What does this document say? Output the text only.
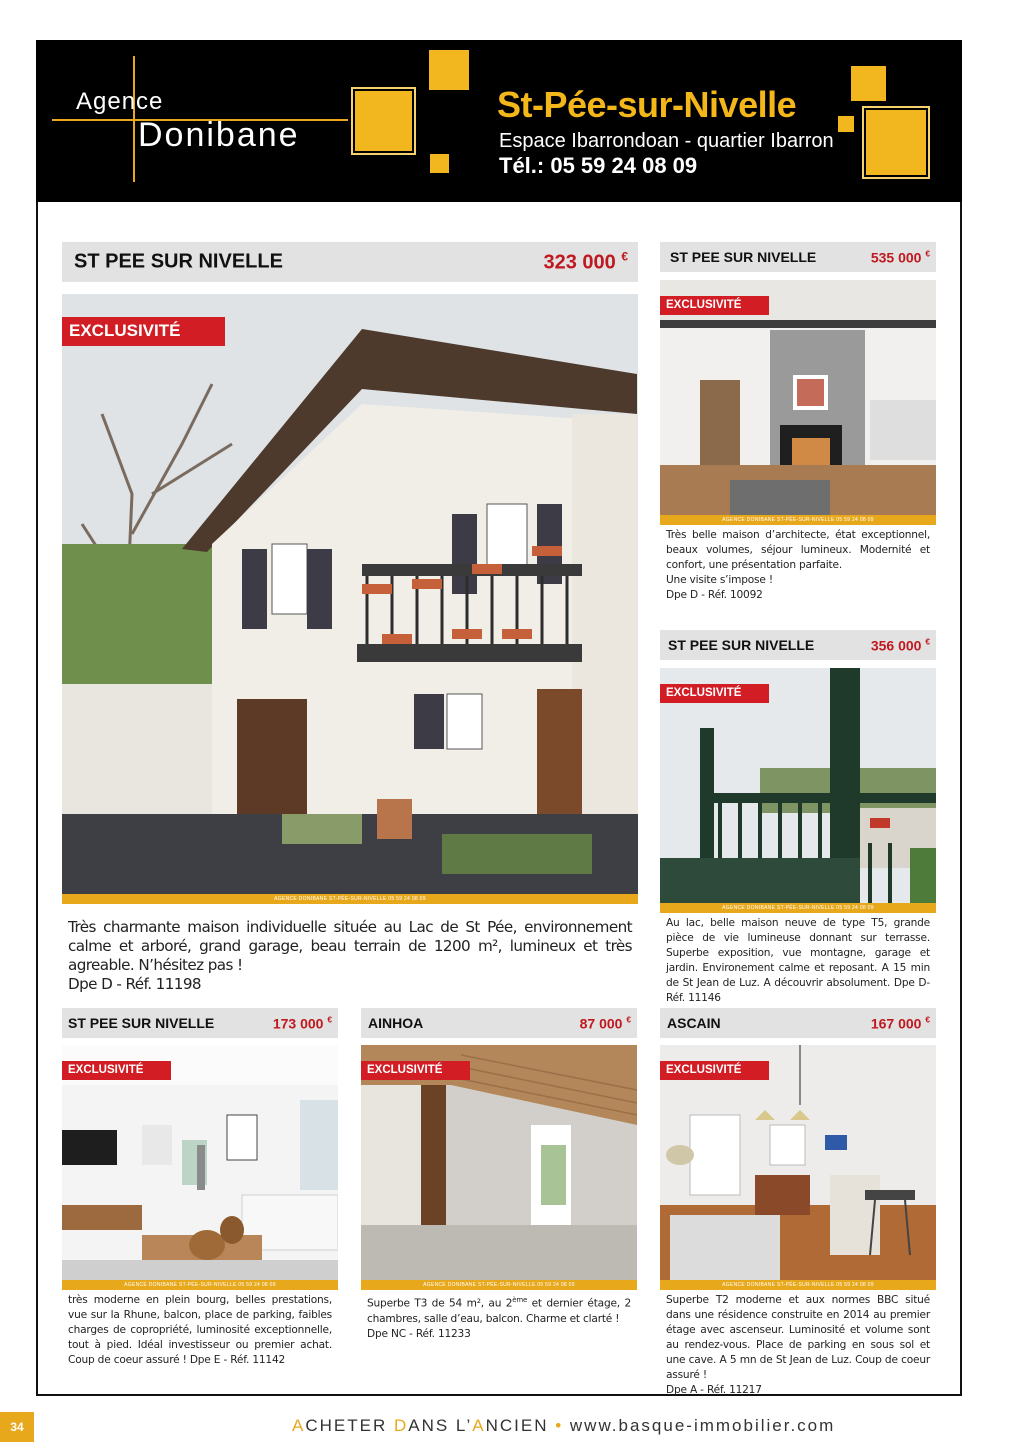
Agence
Donibane
St-Pée-sur-Nivelle
Espace Ibarrondoan - quartier Ibarron
Tél.: 05 59 24 08 09
ST PEE SUR NIVELLE	323 000 €
EXCLUSIVITÉ
AGENCE DONIBANE ST-PÉE-SUR-NIVELLE 05 59 24 08 09

Très charmante maison individuelle située au Lac de St Pée, environnement calme et arboré, grand garage, beau terrain de 1200 m², lumineux et très agreable. N’hésitez pas !

Dpe D - Réf. 11198

ST PEE SUR NIVELLE	535 000 €
EXCLUSIVITÉ
AGENCE DONIBANE ST-PÉE-SUR-NIVELLE 05 59 24 08 09

Très belle maison d’architecte, état exceptionnel, beaux volumes, séjour lumineux. Modernité et confort, une présentation parfaite.

Une visite s’impose !

Dpe D - Réf. 10092

ST PEE SUR NIVELLE	356 000 €
EXCLUSIVITÉ
AGENCE DONIBANE ST-PÉE-SUR-NIVELLE 05 59 24 08 09

Au lac, belle maison neuve de type T5, grande pièce de vie lumineuse donnant sur terrasse. Superbe exposition, vue montagne, garage et jardin. Environement calme et reposant. A 15 min de St Jean de Luz. A découvrir absolument. Dpe D- Réf. 11146

ST PEE SUR NIVELLE	173 000 €
EXCLUSIVITÉ
AGENCE DONIBANE ST-PÉE-SUR-NIVELLE 05 59 24 08 09

très moderne en plein bourg, belles prestations, vue sur la Rhune, balcon, place de parking, faibles charges de copropriété, luminosité exceptionnelle, tout à pied. Idéal investisseur ou premier achat. Coup de coeur assuré ! Dpe E - Réf. 11142

AINHOA	87 000 €
EXCLUSIVITÉ
AGENCE DONIBANE ST-PÉE-SUR-NIVELLE 05 59 24 08 09

Superbe T3 de 54 m², au 2ème et dernier étage, 2 chambres, salle d’eau, balcon. Charme et clarté !

Dpe NC - Réf. 11233

ASCAIN	167 000 €
EXCLUSIVITÉ
AGENCE DONIBANE ST-PÉE-SUR-NIVELLE 05 59 24 08 09

Superbe T2 moderne et aux normes BBC situé dans une résidence construite en 2014 au premier étage avec ascenseur. Luminosité et volume sont au rendez-vous. Place de parking en sous sol et une cave. A 5 mn de St Jean de Luz. Coup de coeur assuré !

Dpe A - Réf. 11217

34	ACHETER DANS L’ANCIEN • www.basque-immobilier.com
